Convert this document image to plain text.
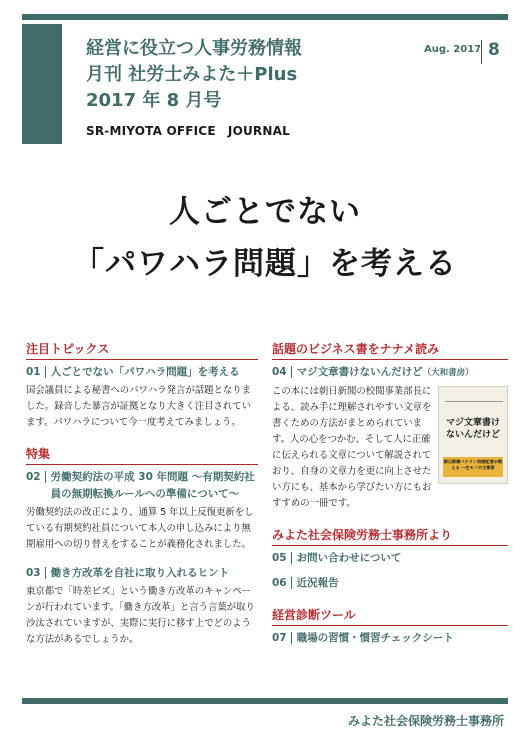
経営に役立つ人事労務情報
月刊 社労士みよた＋Plus
2017 年 8 月号
SR-MIYOTA OFFICE　JOURNAL
Aug. 2017 8
人ごとでない
「パワハラ問題」を考える
注目トピックス
01 人ごとでない「パワハラ問題」を考える
国会議員による秘書へのパワハラ発言が話題となりました。録音した暴言が証拠となり大きく注目されています。パワハラについて今一度考えてみましょう。
特集
02 労働契約法の平成 30 年問題 ～有期契約社員の無期転換ルールへの準備について～
労働契約法の改正により、通算 5 年以上反復更新をしている有期契約社員について本人の申し込みにより無期雇用への切り替えをすることが義務化されました。
03 働き方改革を自社に取り入れるヒント
東京都で「時差ビズ」という働き方改革のキャンペーンが行われています。「働き方改革」と言う言葉が取り沙汰されていますが、実際に実行に移す上でどのような方法があるでしょうか。
話題のビジネス書をナナメ読み
04 マジ文章書けないんだけど（大和書房）
この本には朝日新聞の校閲事業部長による、読み手に理解されやすい文章を書くための方法がまとめられています。人の心をつかむ、そして人に正確に伝えられる文章について解説されており、自身の文章力を更に向上させたい方にも、基本から学びたい方にもおすすめの一冊です。
マジ文章書けないんだけど
朝日新聞ベテラン校閲記者が教える 一生モノの文章術
みよた社会保険労務士事務所より
05 お問い合わせについて
06 近況報告
経営診断ツール
07 職場の習慣・慣習チェックシート
みよた社会保険労務士事務所
